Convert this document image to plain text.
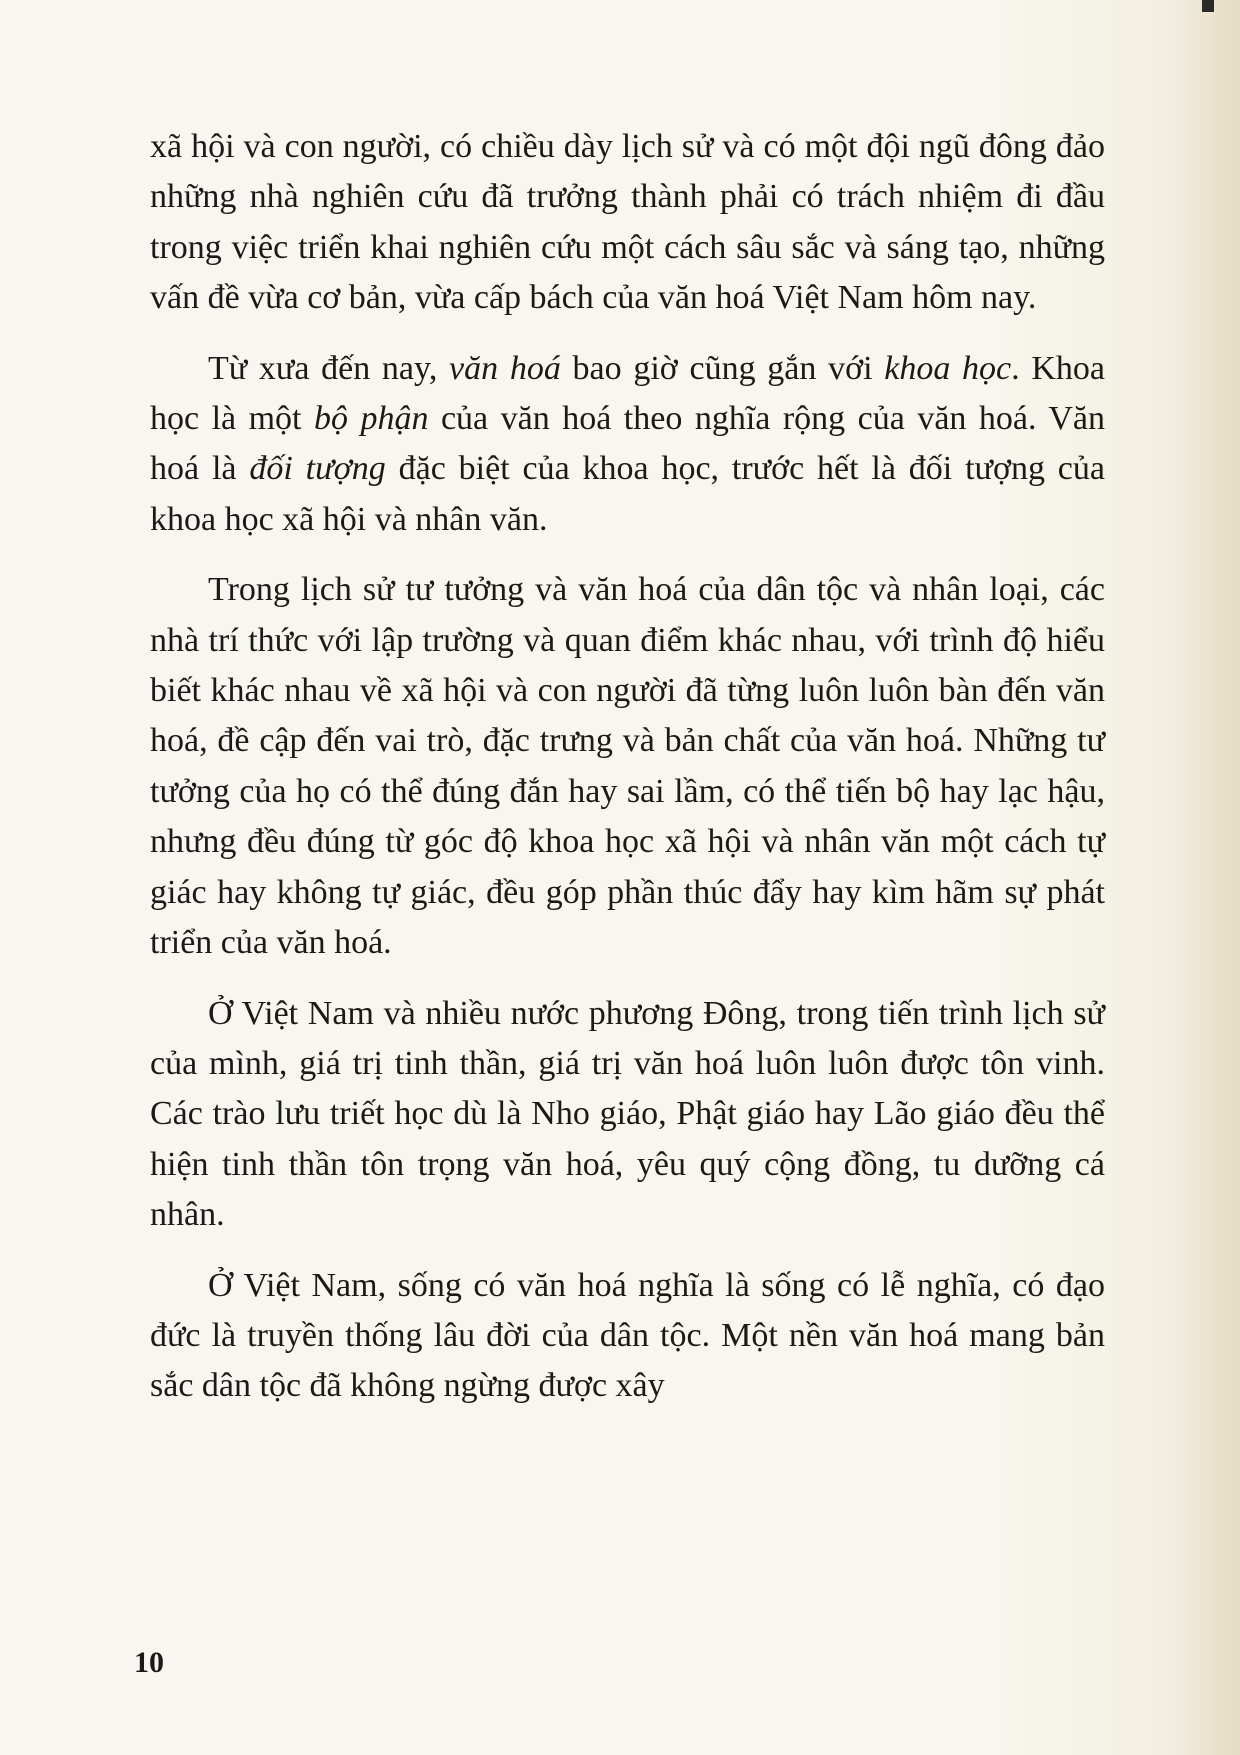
xã hội và con người, có chiều dày lịch sử và có một đội ngũ đông đảo những nhà nghiên cứu đã trưởng thành phải có trách nhiệm đi đầu trong việc triển khai nghiên cứu một cách sâu sắc và sáng tạo, những vấn đề vừa cơ bản, vừa cấp bách của văn hoá Việt Nam hôm nay.

Từ xưa đến nay, văn hoá bao giờ cũng gắn với khoa học. Khoa học là một bộ phận của văn hoá theo nghĩa rộng của văn hoá. Văn hoá là đối tượng đặc biệt của khoa học, trước hết là đối tượng của khoa học xã hội và nhân văn.

Trong lịch sử tư tưởng và văn hoá của dân tộc và nhân loại, các nhà trí thức với lập trường và quan điểm khác nhau, với trình độ hiểu biết khác nhau về xã hội và con người đã từng luôn luôn bàn đến văn hoá, đề cập đến vai trò, đặc trưng và bản chất của văn hoá. Những tư tưởng của họ có thể đúng đắn hay sai lầm, có thể tiến bộ hay lạc hậu, nhưng đều đúng từ góc độ khoa học xã hội và nhân văn một cách tự giác hay không tự giác, đều góp phần thúc đẩy hay kìm hãm sự phát triển của văn hoá.

Ở Việt Nam và nhiều nước phương Đông, trong tiến trình lịch sử của mình, giá trị tinh thần, giá trị văn hoá luôn luôn được tôn vinh. Các trào lưu triết học dù là Nho giáo, Phật giáo hay Lão giáo đều thể hiện tinh thần tôn trọng văn hoá, yêu quý cộng đồng, tu dưỡng cá nhân.

Ở Việt Nam, sống có văn hoá nghĩa là sống có lễ nghĩa, có đạo đức là truyền thống lâu đời của dân tộc. Một nền văn hoá mang bản sắc dân tộc đã không ngừng được xây

10
